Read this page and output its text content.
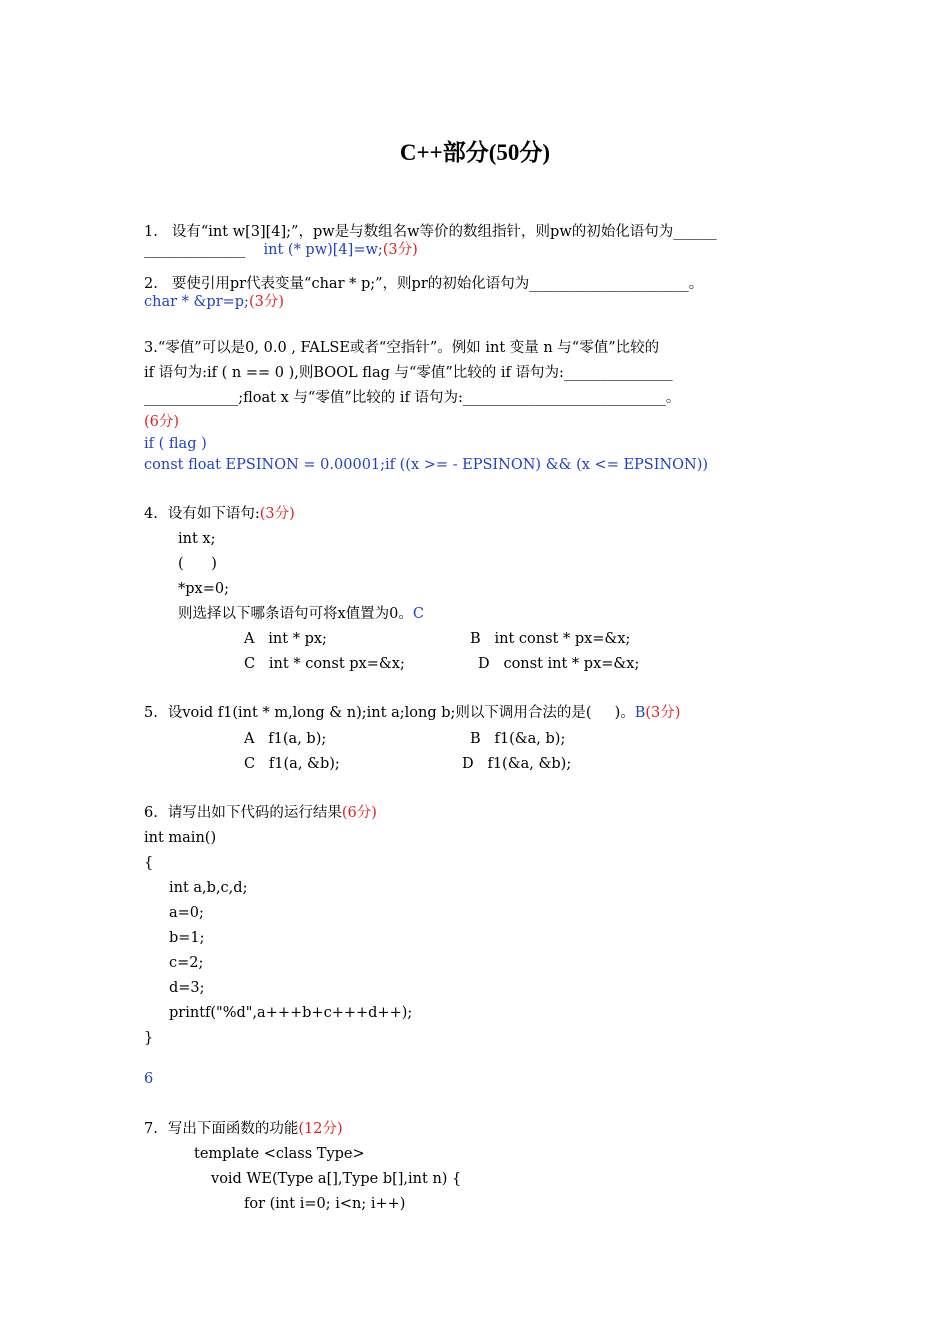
C++部分(50分)
1. 设有“int w[3][4];”，pw是与数组名w等价的数组指针，则pw的初始化语句为______
______________ int (* pw)[4]=w;(3分)
2. 要使引用pr代表变量“char * p;”，则pr的初始化语句为______________________。
char * &pr=p;(3分)
3.“零值”可以是0, 0.0 , FALSE或者“空指针”。例如 int 变量 n 与“零值”比较的
if 语句为:if ( n == 0 ),则BOOL flag 与“零值”比较的 if 语句为:_______________
_____________;float x 与“零值”比较的 if 语句为:____________________________。
(6分)
if ( flag )
const float EPSINON = 0.00001;if ((x >= - EPSINON) && (x <= EPSINON))
4. 设有如下语句:(3分)
int x;
(      )
*px=0;
则选择以下哪条语句可将x值置为0。C
A   int * px;	B   int const * px=&x;
C   int * const px=&x;	D   const int * px=&x;
5. 设void f1(int * m,long & n);int a;long b;则以下调用合法的是(     )。B(3分)
A   f1(a, b);	B   f1(&a, b);
C   f1(a, &b);	D   f1(&a, &b);
6. 请写出如下代码的运行结果(6分)
int main()
{
int a,b,c,d;
a=0;
b=1;
c=2;
d=3;
printf("%d",a+++b+c+++d++);
}
6
7. 写出下面函数的功能(12分)
template <class Type>
void WE(Type a[],Type b[],int n) {
for (int i=0; i<n; i++)
